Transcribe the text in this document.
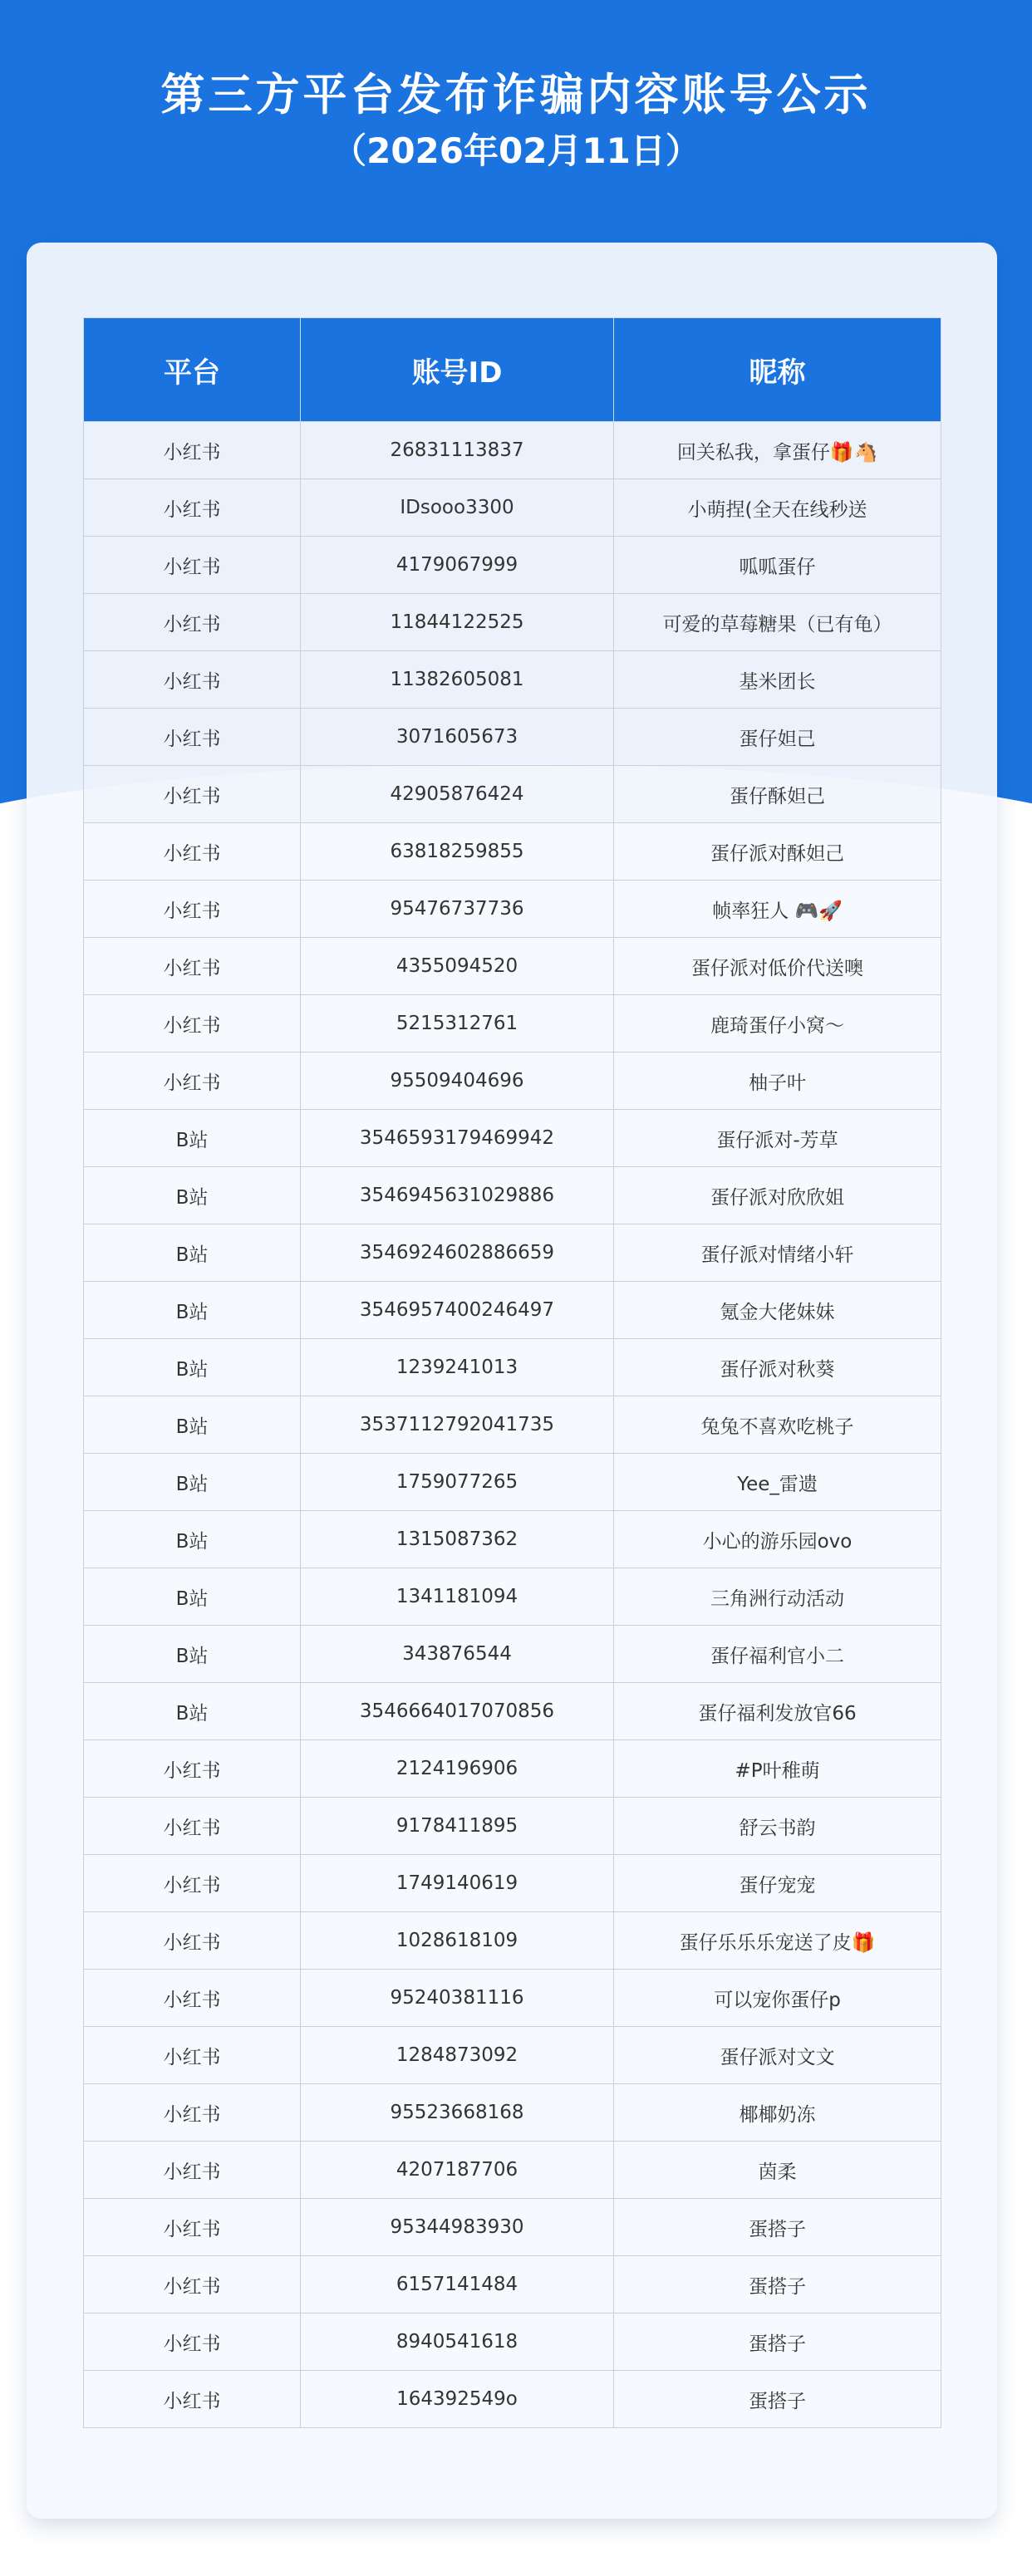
第三方平台发布诈骗内容账号公示
（2026年02月11日）
平台	账号ID	昵称
小红书	26831113837	回关私我，拿蛋仔🎁🐴
小红书	IDsooo3300	小萌捏(全天在线秒送
小红书	4179067999	呱呱蛋仔
小红书	11844122525	可爱的草莓糖果（已有龟）
小红书	11382605081	基米团长
小红书	3071605673	蛋仔妲己
小红书	42905876424	蛋仔酥妲己
小红书	63818259855	蛋仔派对酥妲己
小红书	95476737736	帧率狂人 🎮🚀
小红书	4355094520	蛋仔派对低价代送噢
小红书	5215312761	鹿琦蛋仔小窝～
小红书	95509404696	柚子叶
B站	3546593179469942	蛋仔派对-芳草
B站	3546945631029886	蛋仔派对欣欣姐
B站	3546924602886659	蛋仔派对情绪小轩
B站	3546957400246497	氪金大佬妹妹
B站	1239241013	蛋仔派对秋葵
B站	3537112792041735	兔兔不喜欢吃桃子
B站	1759077265	Yee_雷遗
B站	1315087362	小心的游乐园ovo
B站	1341181094	三角洲行动活动
B站	343876544	蛋仔福利官小二
B站	3546664017070856	蛋仔福利发放官66
小红书	2124196906	#P叶稚萌
小红书	9178411895	舒云书韵
小红书	1749140619	蛋仔宠宠
小红书	1028618109	蛋仔乐乐乐宠送了皮🎁
小红书	95240381116	可以宠你蛋仔p
小红书	1284873092	蛋仔派对文文
小红书	95523668168	椰椰奶冻
小红书	4207187706	茵柔
小红书	95344983930	蛋搭子
小红书	6157141484	蛋搭子
小红书	8940541618	蛋搭子
小红书	164392549o	蛋搭子
